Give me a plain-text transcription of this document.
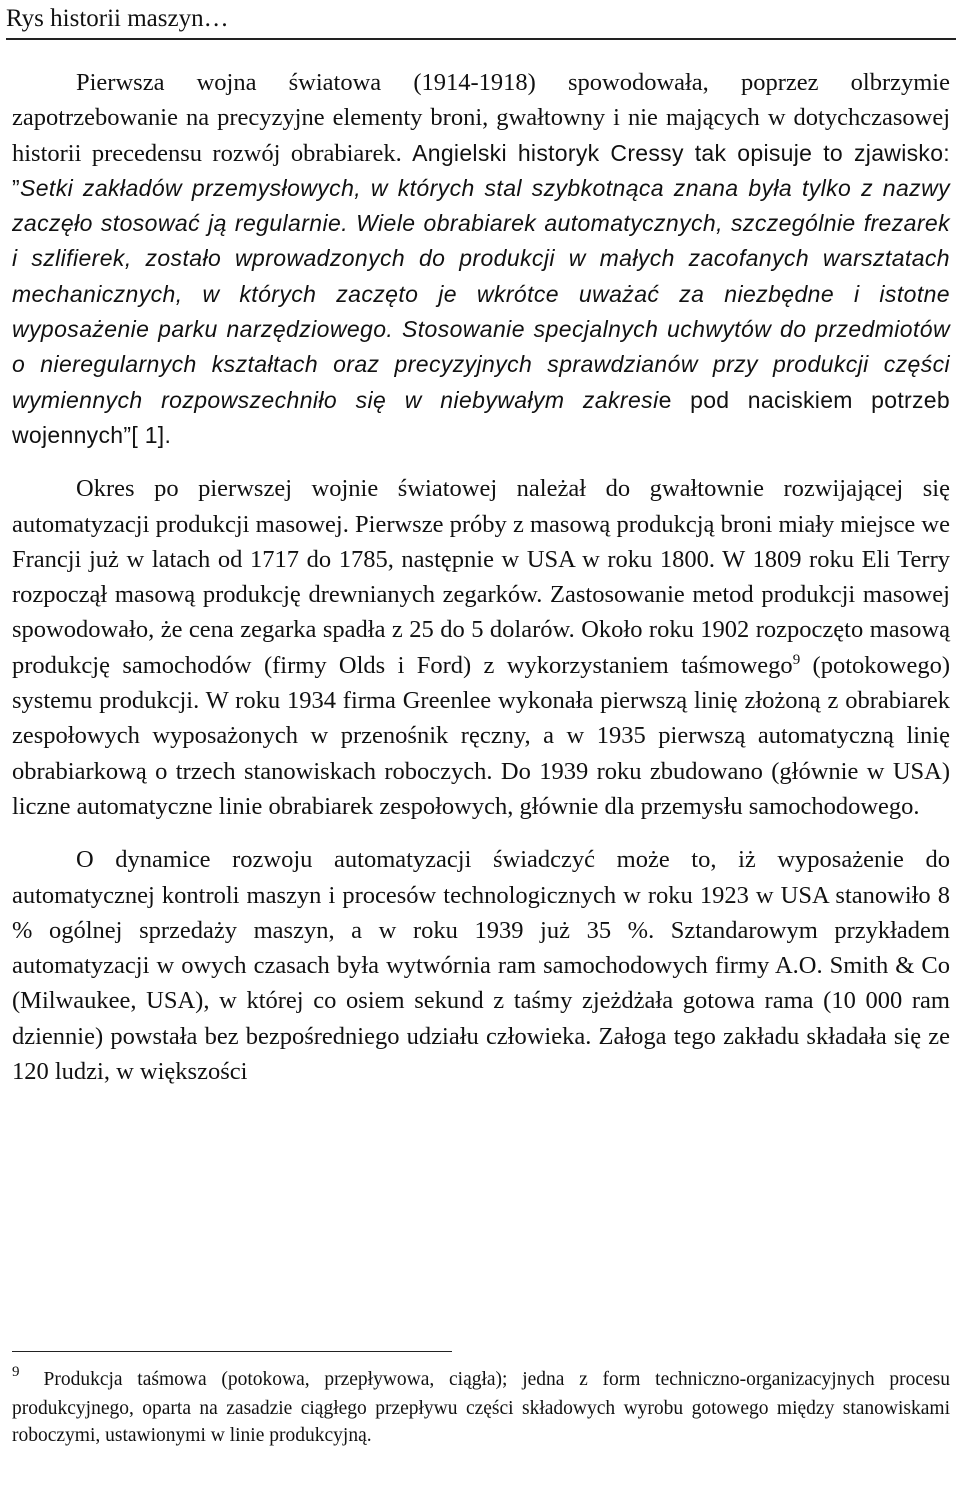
Rys historii maszyn…

Pierwsza wojna światowa (1914-1918) spowodowała, poprzez olbrzymie zapotrzebowanie na precyzyjne elementy broni, gwałtowny i nie mających w dotychczasowej historii precedensu rozwój obrabiarek. Angielski historyk Cressy tak opisuje to zjawisko: ”Setki zakładów przemysłowych, w których stal szybkotnąca znana była tylko z nazwy zaczęło stosować ją regularnie. Wiele obrabiarek automatycznych, szczególnie frezarek i szlifierek, zostało wprowadzonych do produkcji w małych zacofanych warsztatach mechanicznych, w których zaczęto je wkrótce uważać za niezbędne i istotne wyposażenie parku narzędziowego. Stosowanie specjalnych uchwytów do przedmiotów o nieregularnych kształtach oraz precyzyjnych sprawdzianów przy produkcji części wymiennych rozpowszechniło się w niebywałym zakresie pod naciskiem potrzeb wojennych”[ 1].

Okres po pierwszej wojnie światowej należał do gwałtownie rozwijającej się automatyzacji produkcji masowej. Pierwsze próby z masową produkcją broni miały miejsce we Francji już w latach od 1717 do 1785, następnie w USA w roku 1800. W 1809 roku Eli Terry rozpoczął masową produkcję drewnianych zegarków. Zastosowanie metod produkcji masowej spowodowało, że cena zegarka spadła z 25 do 5 dolarów. Około roku 1902 rozpoczęto masową produkcję samochodów (firmy Olds i Ford) z wykorzystaniem taśmowego$^9$ (potokowego) systemu produkcji. W roku 1934 firma Greenlee wykonała pierwszą linię złożoną z obrabiarek zespołowych wyposażonych w przenośnik ręczny, a w 1935 pierwszą automatyczną linię obrabiarkową o trzech stanowiskach roboczych. Do 1939 roku zbudowano (głównie w USA) liczne automatyczne linie obrabiarek zespołowych, głównie dla przemysłu samochodowego.

O dynamice rozwoju automatyzacji świadczyć może to, iż wyposażenie do automatycznej kontroli maszyn i procesów technologicznych w roku 1923 w USA stanowiło 8 % ogólnej sprzedaży maszyn, a w roku 1939 już 35 %. Sztandarowym przykładem automatyzacji w owych czasach była wytwórnia ram samochodowych firmy A.O. Smith & Co (Milwaukee, USA), w której co osiem sekund z taśmy zjeżdżała gotowa rama (10 000 ram dziennie) powstała bez bezpośredniego udziału człowieka. Załoga tego zakładu składała się ze 120 ludzi, w większości

$^9$ Produkcja taśmowa (potokowa, przepływowa, ciągła); jedna z form techniczno-organizacyjnych procesu produkcyjnego, oparta na zasadzie ciągłego przepływu części składowych wyrobu gotowego między stanowiskami roboczymi, ustawionymi w linie produkcyjną.
